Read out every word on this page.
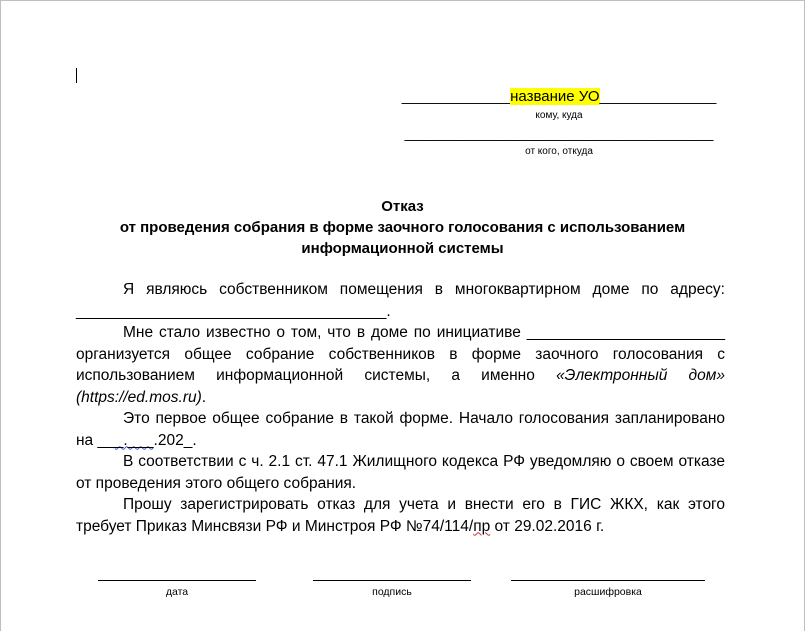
_____________название УО______________
кому, куда
_____________________________________
от кого, откуда
Отказ
от проведения собрания в форме заочного голосования с использованием
информационной системы

Я являюсь собственником помещения в многоквартирном доме по адресу: ____________________________________.

Мне стало известно о том, что в доме по инициативе _______________________ организуется общее собрание собственников в форме заочного голосования с использованием информационной системы, а именно «Электронный дом» (https://ed.mos.ru).

Это первое общее собрание в такой форме. Начало голосования запланировано на ___.___.202_.

В соответствии с ч. 2.1 ст. 47.1 Жилищного кодекса РФ уведомляю о своем отказе от проведения этого общего собрания.

Прошу зарегистрировать отказ для учета и внести его в ГИС ЖКХ, как этого требует Приказ Минсвязи РФ и Минстроя РФ №74/114/пр от 29.02.2016 г.

дата	подпись	расшифровка
